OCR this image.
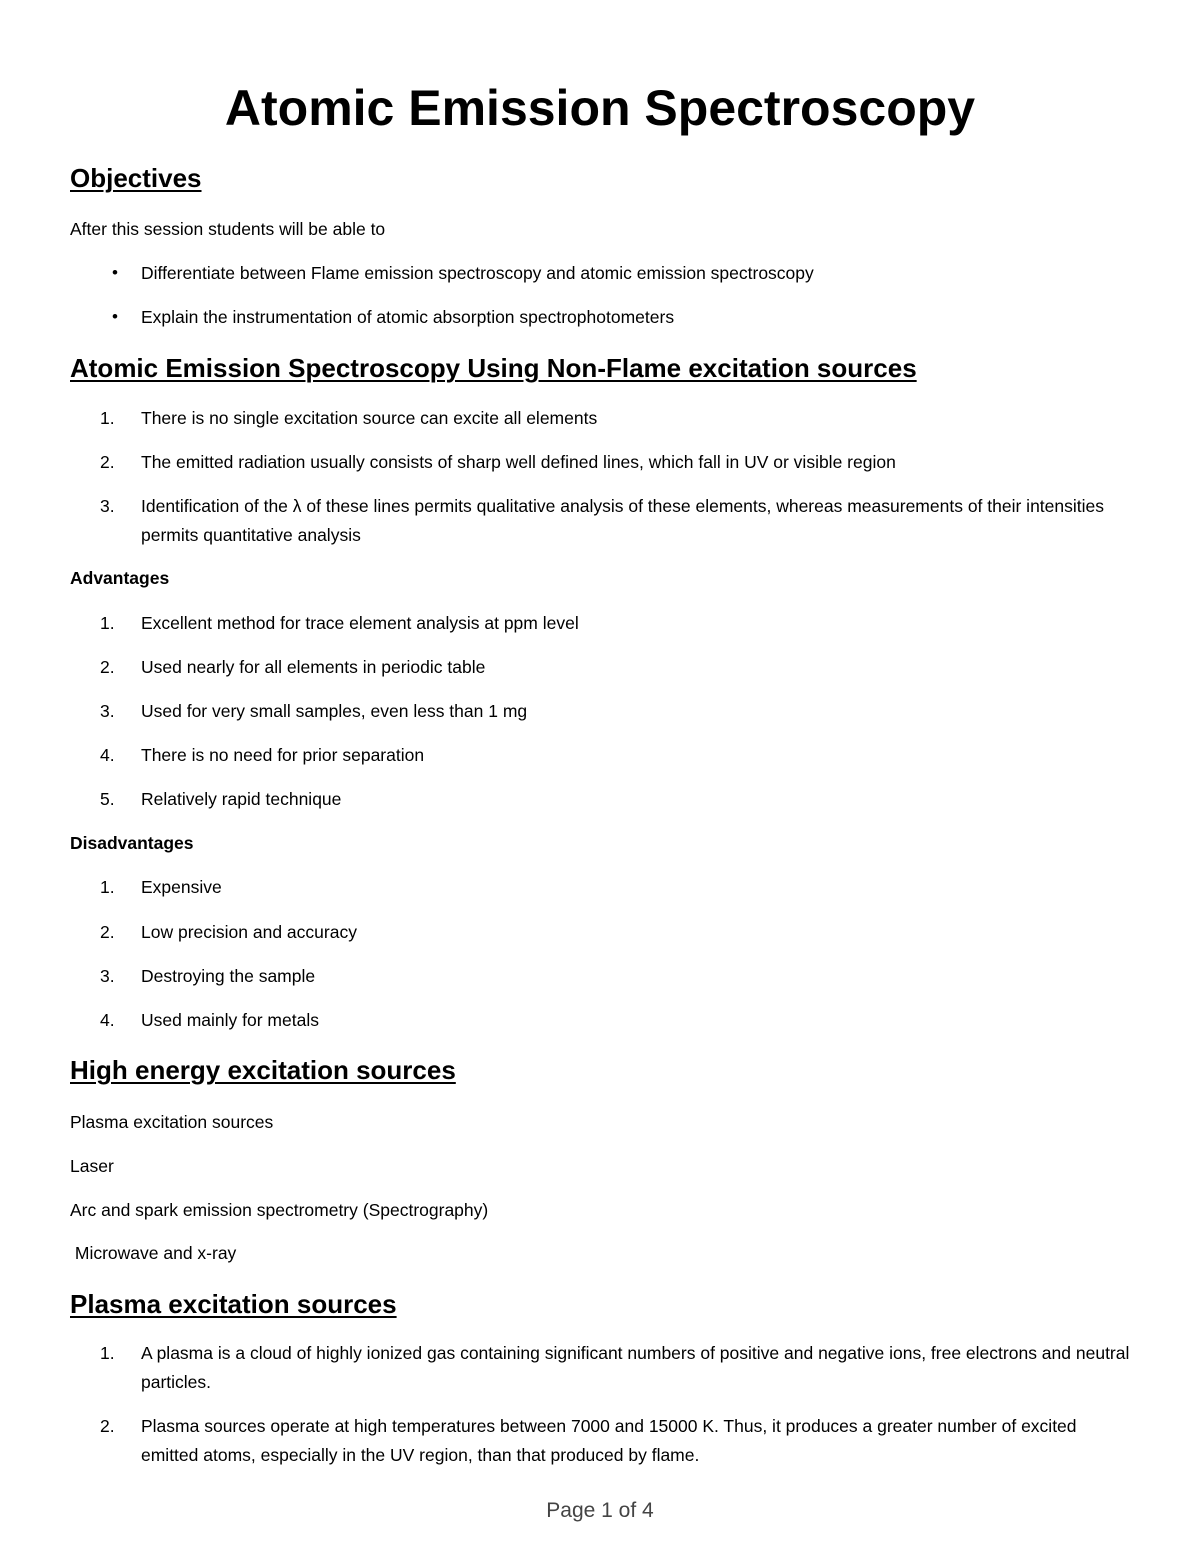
Atomic Emission Spectroscopy
Objectives

After this session students will be able to

• Differentiate between Flame emission spectroscopy and atomic emission spectroscopy

• Explain the instrumentation of atomic absorption spectrophotometers

Atomic Emission Spectroscopy Using Non-Flame excitation sources
1.	There is no single excitation source can excite all elements
2.	The emitted radiation usually consists of sharp well defined lines, which fall in UV or visible region
3.	Identification of the λ of these lines permits qualitative analysis of these elements, whereas measurements of their intensities permits quantitative analysis

Advantages

1.	Excellent method for trace element analysis at ppm level
2.	Used nearly for all elements in periodic table
3.	Used for very small samples, even less than 1 mg
4.	There is no need for prior separation
5.	Relatively rapid technique

Disadvantages

1.	Expensive
2.	Low precision and accuracy
3.	Destroying the sample
4.	Used mainly for metals
High energy excitation sources

Plasma excitation sources

Laser

Arc and spark emission spectrometry (Spectrography)

Microwave and x-ray

Plasma excitation sources
1.	A plasma is a cloud of highly ionized gas containing significant numbers of positive and negative ions, free electrons and neutral particles.
2.	Plasma sources operate at high temperatures between 7000 and 15000 K. Thus, it produces a greater number of excited emitted atoms, especially in the UV region, than that produced by flame.
Page 1 of 4
